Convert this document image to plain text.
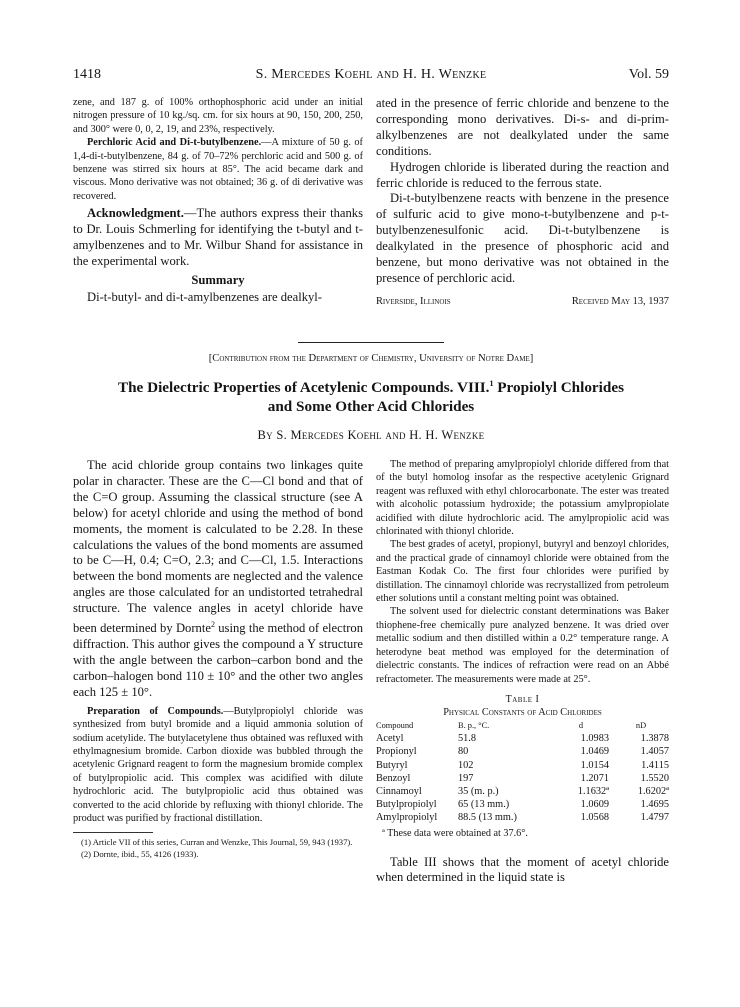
1418	S. Mercedes Koehl and H. H. Wenzke	Vol. 59

zene, and 187 g. of 100% orthophosphoric acid under an initial nitrogen pressure of 10 kg./sq. cm. for six hours at 90, 150, 200, 250, and 300° were 0, 0, 2, 19, and 23%, respectively.

Perchloric Acid and Di-t-butylbenzene.—A mixture of 50 g. of 1,4-di-t-butylbenzene, 84 g. of 70–72% perchloric acid and 500 g. of benzene was stirred six hours at 85°. The acid became dark and viscous. Mono derivative was not obtained; 36 g. of di derivative was recovered.

Acknowledgment.—The authors express their thanks to Dr. Louis Schmerling for identifying the t-butyl and t-amylbenzenes and to Mr. Wilbur Shand for assistance in the experimental work.

Summary

Di-t-butyl- and di-t-amylbenzenes are dealkyl-

ated in the presence of ferric chloride and benzene to the corresponding mono derivatives. Di-s- and di-prim-alkylbenzenes are not dealkylated under the same conditions.

Hydrogen chloride is liberated during the reaction and ferric chloride is reduced to the ferrous state.

Di-t-butylbenzene reacts with benzene in the presence of sulfuric acid to give mono-t-butylbenzene and p-t-butylbenzenesulfonic acid. Di-t-butylbenzene is dealkylated in the presence of phosphoric acid and benzene, but mono derivative was not obtained in the presence of perchloric acid.

Riverside, Illinois	Received May 13, 1937
[Contribution from the Department of Chemistry, University of Notre Dame]
The Dielectric Properties of Acetylenic Compounds. VIII.$^1$ Propiolyl Chlorides
and Some Other Acid Chlorides
By S. Mercedes Koehl and H. H. Wenzke

The acid chloride group contains two linkages quite polar in character. These are the C—Cl bond and that of the C=O group. Assuming the classical structure (see A below) for acetyl chloride and using the method of bond moments, the moment is calculated to be 2.28. In these calculations the values of the bond moments are assumed to be C—H, 0.4; C=O, 2.3; and C—Cl, 1.5. Interactions between the bond moments are neglected and the valence angles are those calculated for an undistorted tetrahedral structure. The valence angles in acetyl chloride have been determined by Dornte$^2$ using the method of electron diffraction. This author gives the compound a Y structure with the angle between the carbon–carbon bond and the carbon–halogen bond 110 ± 10° and the other two angles each 125 ± 10°.

Preparation of Compounds.—Butylpropiolyl chloride was synthesized from butyl bromide and a liquid ammonia solution of sodium acetylide. The butylacetylene thus obtained was refluxed with ethylmagnesium bromide. Carbon dioxide was bubbled through the acetylenic Grignard reagent to form the magnesium bromide complex of butylpropiolic acid. This complex was acidified with dilute hydrochloric acid. The butylpropiolic acid thus obtained was converted to the acid chloride by refluxing with thionyl chloride. The product was purified by fractional distillation.

(1) Article VII of this series, Curran and Wenzke, This Journal, 59, 943 (1937).

(2) Dornte, ibid., 55, 4126 (1933).

The method of preparing amylpropiolyl chloride differed from that of the butyl homolog insofar as the respective acetylenic Grignard reagent was refluxed with ethyl chlorocarbonate. The ester was treated with alcoholic potassium hydroxide; the potassium amylpropiolate acidified with dilute hydrochloric acid. The amylpropiolic acid was chlorinated with thionyl chloride.

The best grades of acetyl, propionyl, butyryl and benzoyl chlorides, and the practical grade of cinnamoyl chloride were obtained from the Eastman Kodak Co. The first four chlorides were purified by distillation. The cinnamoyl chloride was recrystallized from petroleum ether solutions until a constant melting point was obtained.

The solvent used for dielectric constant determinations was Baker thiophene-free chemically pure analyzed benzene. It was dried over metallic sodium and then distilled within a 0.2° temperature range. A heterodyne beat method was employed for the determination of dielectric constants. The indices of refraction were read on an Abbé refractometer. The measurements were made at 25°.

Table I
Physical Constants of Acid Chlorides
Compound	B. p., °C.	d	nD
Acetyl	51.8	1.0983	1.3878
Propionyl	80	1.0469	1.4057
Butyryl	102	1.0154	1.4115
Benzoyl	197	1.2071	1.5520
Cinnamoyl	35 (m. p.)	1.1632ª	1.6202ª
Butylpropiolyl	65 (13 mm.)	1.0609	1.4695
Amylpropiolyl	88.5 (13 mm.)	1.0568	1.4797

ª These data were obtained at 37.6°.

Table III shows that the moment of acetyl chloride when determined in the liquid state is
